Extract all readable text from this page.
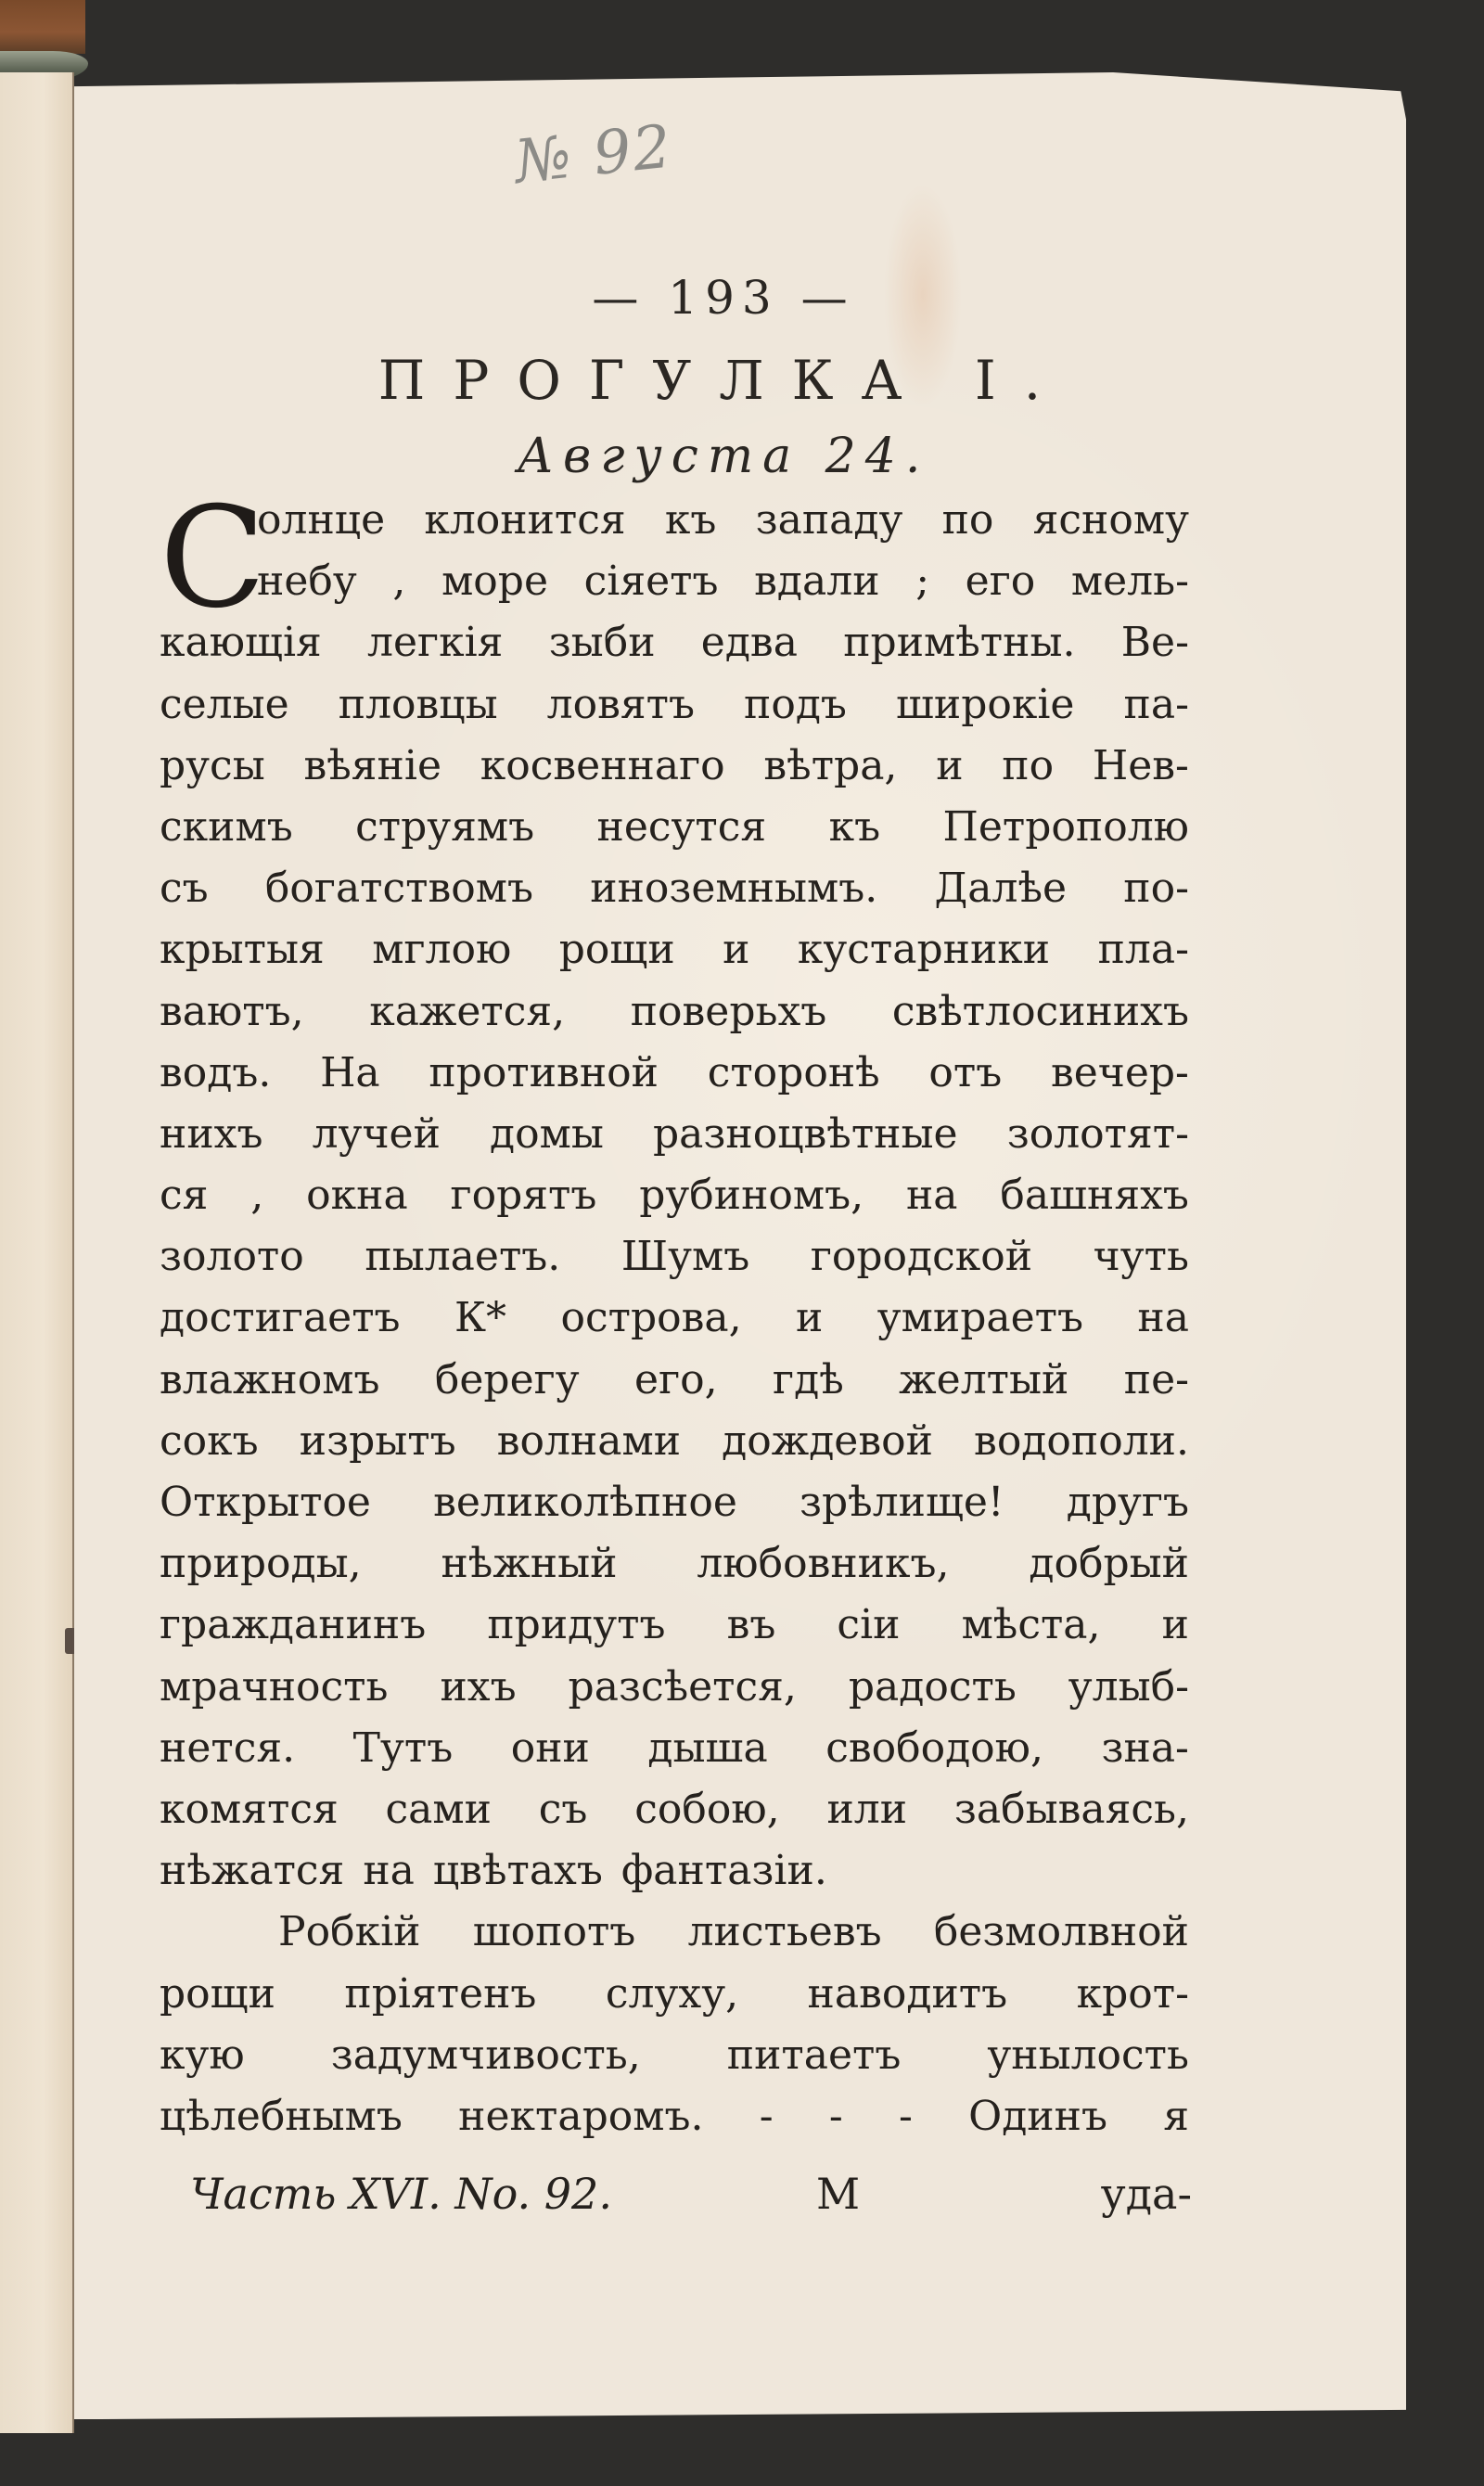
№ 92
— 193 —
ПРОГУЛКА I.
Августа 24.
С
олнце клонится къ западу по ясному
небу , море сіяетъ вдали ; его мель-
кающія легкія зыби едва примѣтны. Ве-
селые пловцы ловятъ подъ широкіе па-
русы вѣяніе косвеннаго вѣтра, и по Нев-
скимъ струямъ несутся къ Петрополю
съ богатствомъ иноземнымъ. Далѣе по-
крытыя мглою рощи и кустарники пла-
ваютъ, кажется, поверьхъ свѣтлосинихъ
водъ. На противной сторонѣ отъ вечер-
нихъ лучей домы разноцвѣтные золотят-
ся , окна горятъ рубиномъ, на башняхъ
золото пылаетъ. Шумъ городской чуть
достигаетъ К* острова, и умираетъ на
влажномъ берегу его, гдѣ желтый пе-
сокъ изрытъ волнами дождевой водополи.
Открытое великолѣпное зрѣлище! другъ
природы, нѣжный любовникъ, добрый
гражданинъ придутъ въ сіи мѣста, и
мрачность ихъ разсѣется, радость улыб-
нется. Тутъ они дыша свободою, зна-
комятся сами съ собою, или забываясь,
нѣжатся на цвѣтахъ фантазіи.
Робкій шопотъ листьевъ безмолвной
рощи пріятенъ слуху, наводитъ крот-
кую задумчивость, питаетъ унылость
цѣлебнымъ нектаромъ. - - - Одинъ я
Часть XVI. No. 92.	М	уда-
